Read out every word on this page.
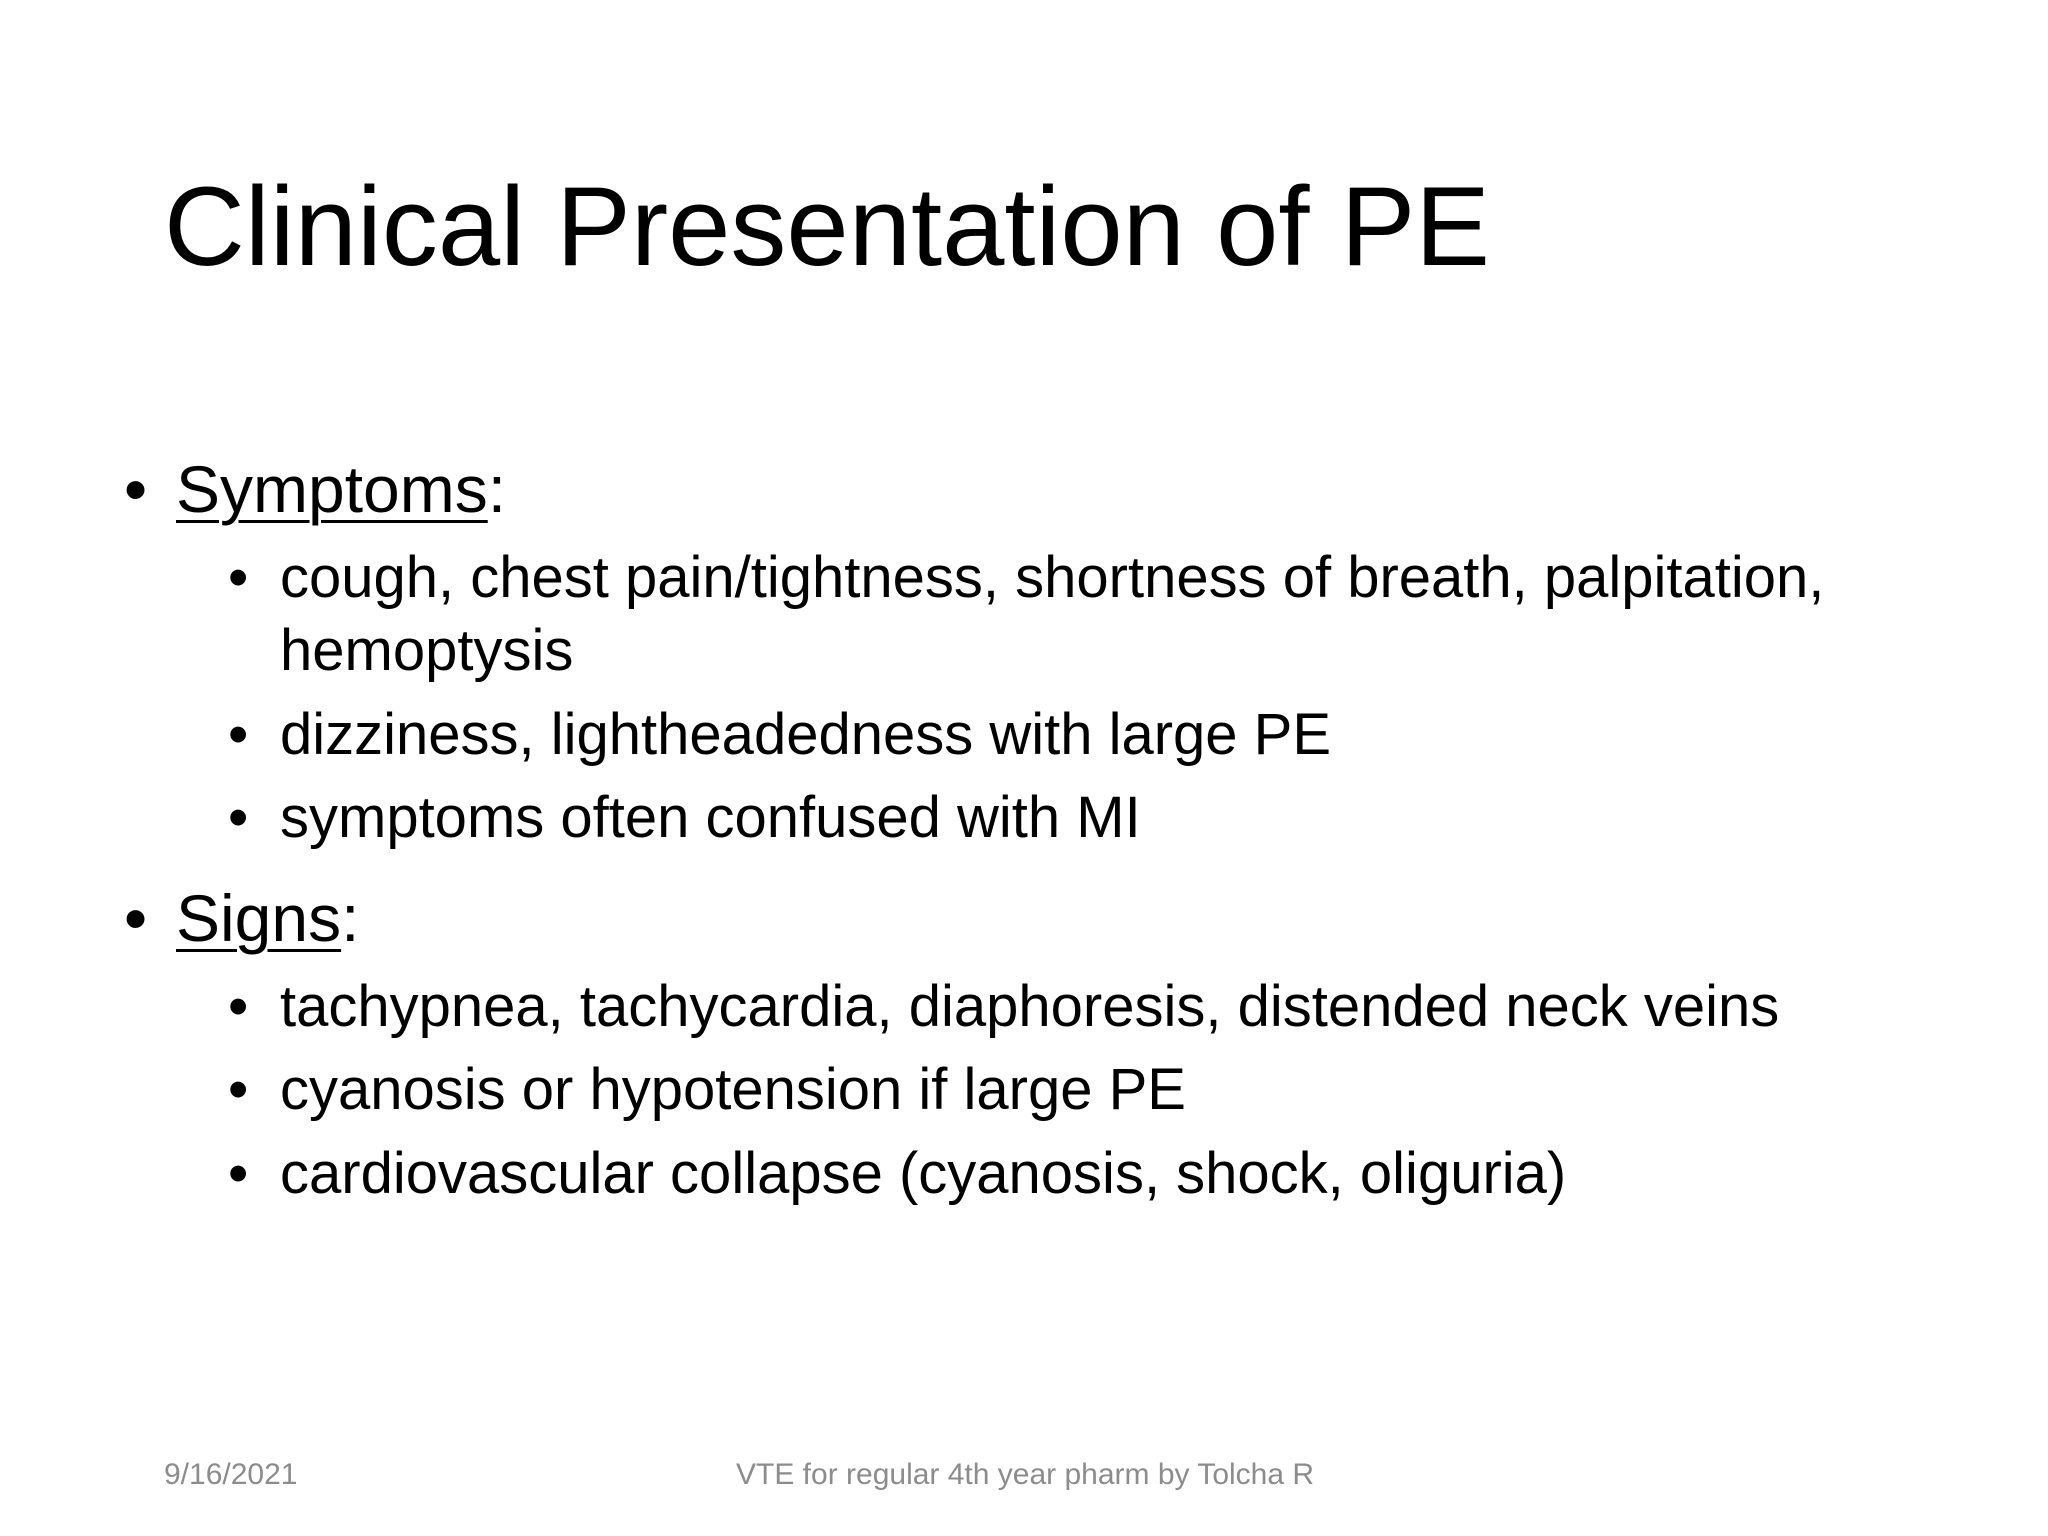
Clinical Presentation of PE
• Symptoms:
• cough, chest pain/tightness, shortness of breath, palpitation, hemoptysis
• dizziness, lightheadedness with large PE
• symptoms often confused with MI
• Signs:
• tachypnea, tachycardia, diaphoresis, distended neck veins
• cyanosis or hypotension if large PE
• cardiovascular collapse (cyanosis, shock, oliguria)
9/16/2021	VTE for regular 4th year pharm by Tolcha R
